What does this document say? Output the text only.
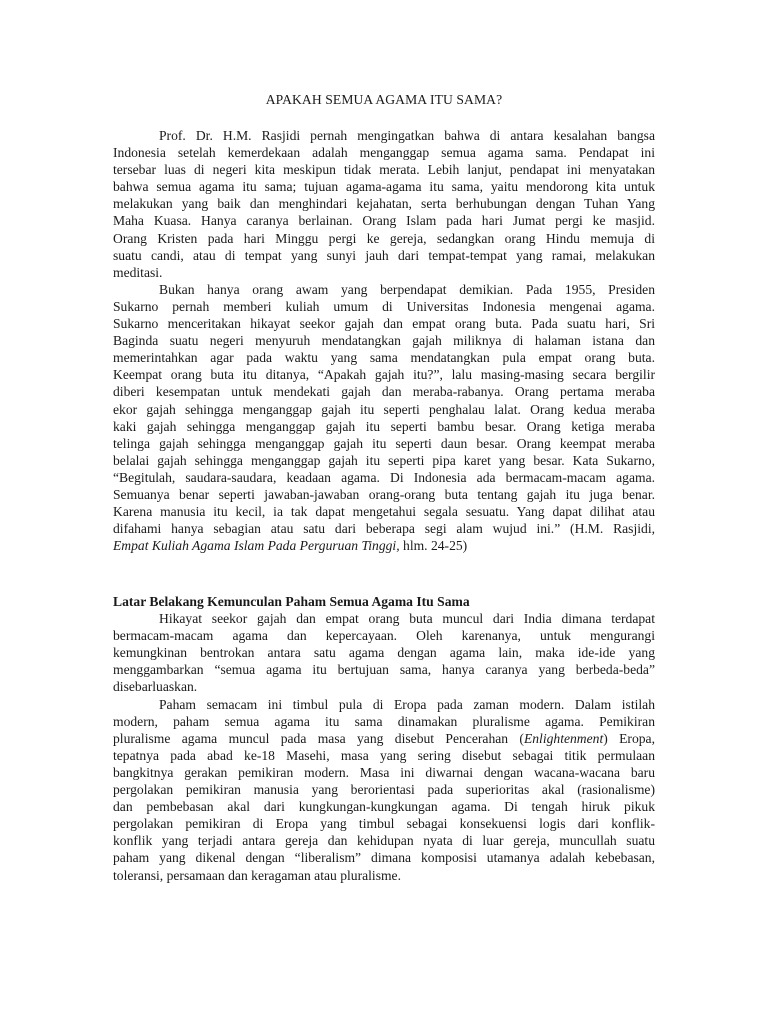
APAKAH SEMUA AGAMA ITU SAMA?
Prof. Dr. H.M. Rasjidi pernah mengingatkan bahwa di antara kesalahan bangsa
Indonesia setelah kemerdekaan adalah menganggap semua agama sama. Pendapat ini
tersebar luas di negeri kita meskipun tidak merata. Lebih lanjut, pendapat ini menyatakan
bahwa semua agama itu sama; tujuan agama-agama itu sama, yaitu mendorong kita untuk
melakukan yang baik dan menghindari kejahatan, serta berhubungan dengan Tuhan Yang
Maha Kuasa. Hanya caranya berlainan. Orang Islam pada hari Jumat pergi ke masjid.
Orang Kristen pada hari Minggu pergi ke gereja, sedangkan orang Hindu memuja di
suatu candi, atau di tempat yang sunyi jauh dari tempat-tempat yang ramai, melakukan
meditasi.
Bukan hanya orang awam yang berpendapat demikian. Pada 1955, Presiden
Sukarno pernah memberi kuliah umum di Universitas Indonesia mengenai agama.
Sukarno menceritakan hikayat seekor gajah dan empat orang buta. Pada suatu hari, Sri
Baginda suatu negeri menyuruh mendatangkan gajah miliknya di halaman istana dan
memerintahkan agar pada waktu yang sama mendatangkan pula empat orang buta.
Keempat orang buta itu ditanya, “Apakah gajah itu?”, lalu masing-masing secara bergilir
diberi kesempatan untuk mendekati gajah dan meraba-rabanya. Orang pertama meraba
ekor gajah sehingga menganggap gajah itu seperti penghalau lalat. Orang kedua meraba
kaki gajah sehingga menganggap gajah itu seperti bambu besar. Orang ketiga meraba
telinga gajah sehingga menganggap gajah itu seperti daun besar. Orang keempat meraba
belalai gajah sehingga menganggap gajah itu seperti pipa karet yang besar. Kata Sukarno,
“Begitulah, saudara-saudara, keadaan agama. Di Indonesia ada bermacam-macam agama.
Semuanya benar seperti jawaban-jawaban orang-orang buta tentang gajah itu juga benar.
Karena manusia itu kecil, ia tak dapat mengetahui segala sesuatu. Yang dapat dilihat atau
difahami hanya sebagian atau satu dari beberapa segi alam wujud ini.” (H.M. Rasjidi,
Empat Kuliah Agama Islam Pada Perguruan Tinggi, hlm. 24-25)
Latar Belakang Kemunculan Paham Semua Agama Itu Sama
Hikayat seekor gajah dan empat orang buta muncul dari India dimana terdapat
bermacam-macam agama dan kepercayaan. Oleh karenanya, untuk mengurangi
kemungkinan bentrokan antara satu agama dengan agama lain, maka ide-ide yang
menggambarkan “semua agama itu bertujuan sama, hanya caranya yang berbeda-beda”
disebarluaskan.
Paham semacam ini timbul pula di Eropa pada zaman modern. Dalam istilah
modern, paham semua agama itu sama dinamakan pluralisme agama. Pemikiran
pluralisme agama muncul pada masa yang disebut Pencerahan (Enlightenment) Eropa,
tepatnya pada abad ke-18 Masehi, masa yang sering disebut sebagai titik permulaan
bangkitnya gerakan pemikiran modern. Masa ini diwarnai dengan wacana-wacana baru
pergolakan pemikiran manusia yang berorientasi pada superioritas akal (rasionalisme)
dan pembebasan akal dari kungkungan-kungkungan agama. Di tengah hiruk pikuk
pergolakan pemikiran di Eropa yang timbul sebagai konsekuensi logis dari konflik-
konflik yang terjadi antara gereja dan kehidupan nyata di luar gereja, muncullah suatu
paham yang dikenal dengan “liberalism” dimana komposisi utamanya adalah kebebasan,
toleransi, persamaan dan keragaman atau pluralisme.
